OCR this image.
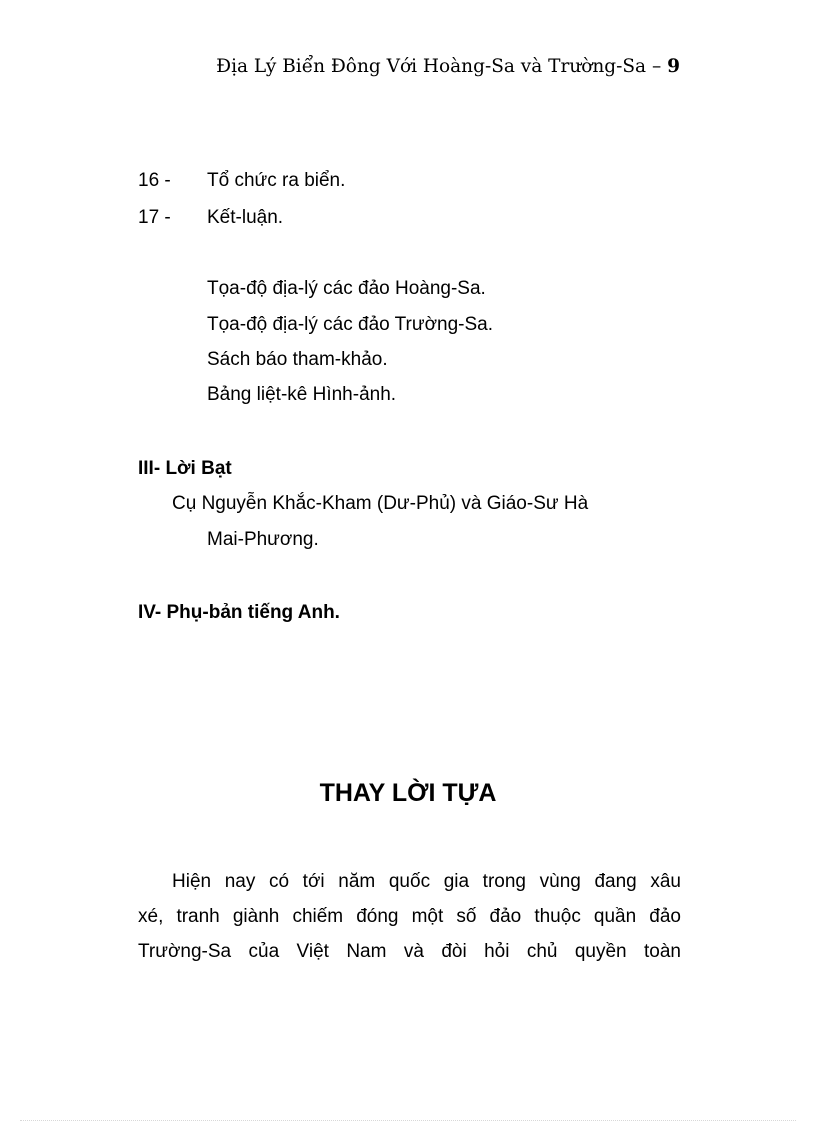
Địa Lý Biển Đông Với Hoàng-Sa và Trường-Sa – 9
16 - Tổ chức ra biển.
17 - Kết-luận.
Tọa-độ địa-lý các đảo Hoàng-Sa.
Tọa-độ địa-lý các đảo Trường-Sa.
Sách báo tham-khảo.
Bảng liệt-kê Hình-ảnh.
III- Lời Bạt
Cụ Nguyễn Khắc-Kham (Dư-Phủ) và Giáo-Sư Hà
Mai-Phương.
IV- Phụ-bản tiếng Anh.
THAY LỜI TỰA
Hiện nay có tới năm quốc gia trong vùng đang xâu
xé, tranh giành chiếm đóng một số đảo thuộc quần đảo
Trường-Sa của Việt Nam và đòi hỏi chủ quyền toàn
